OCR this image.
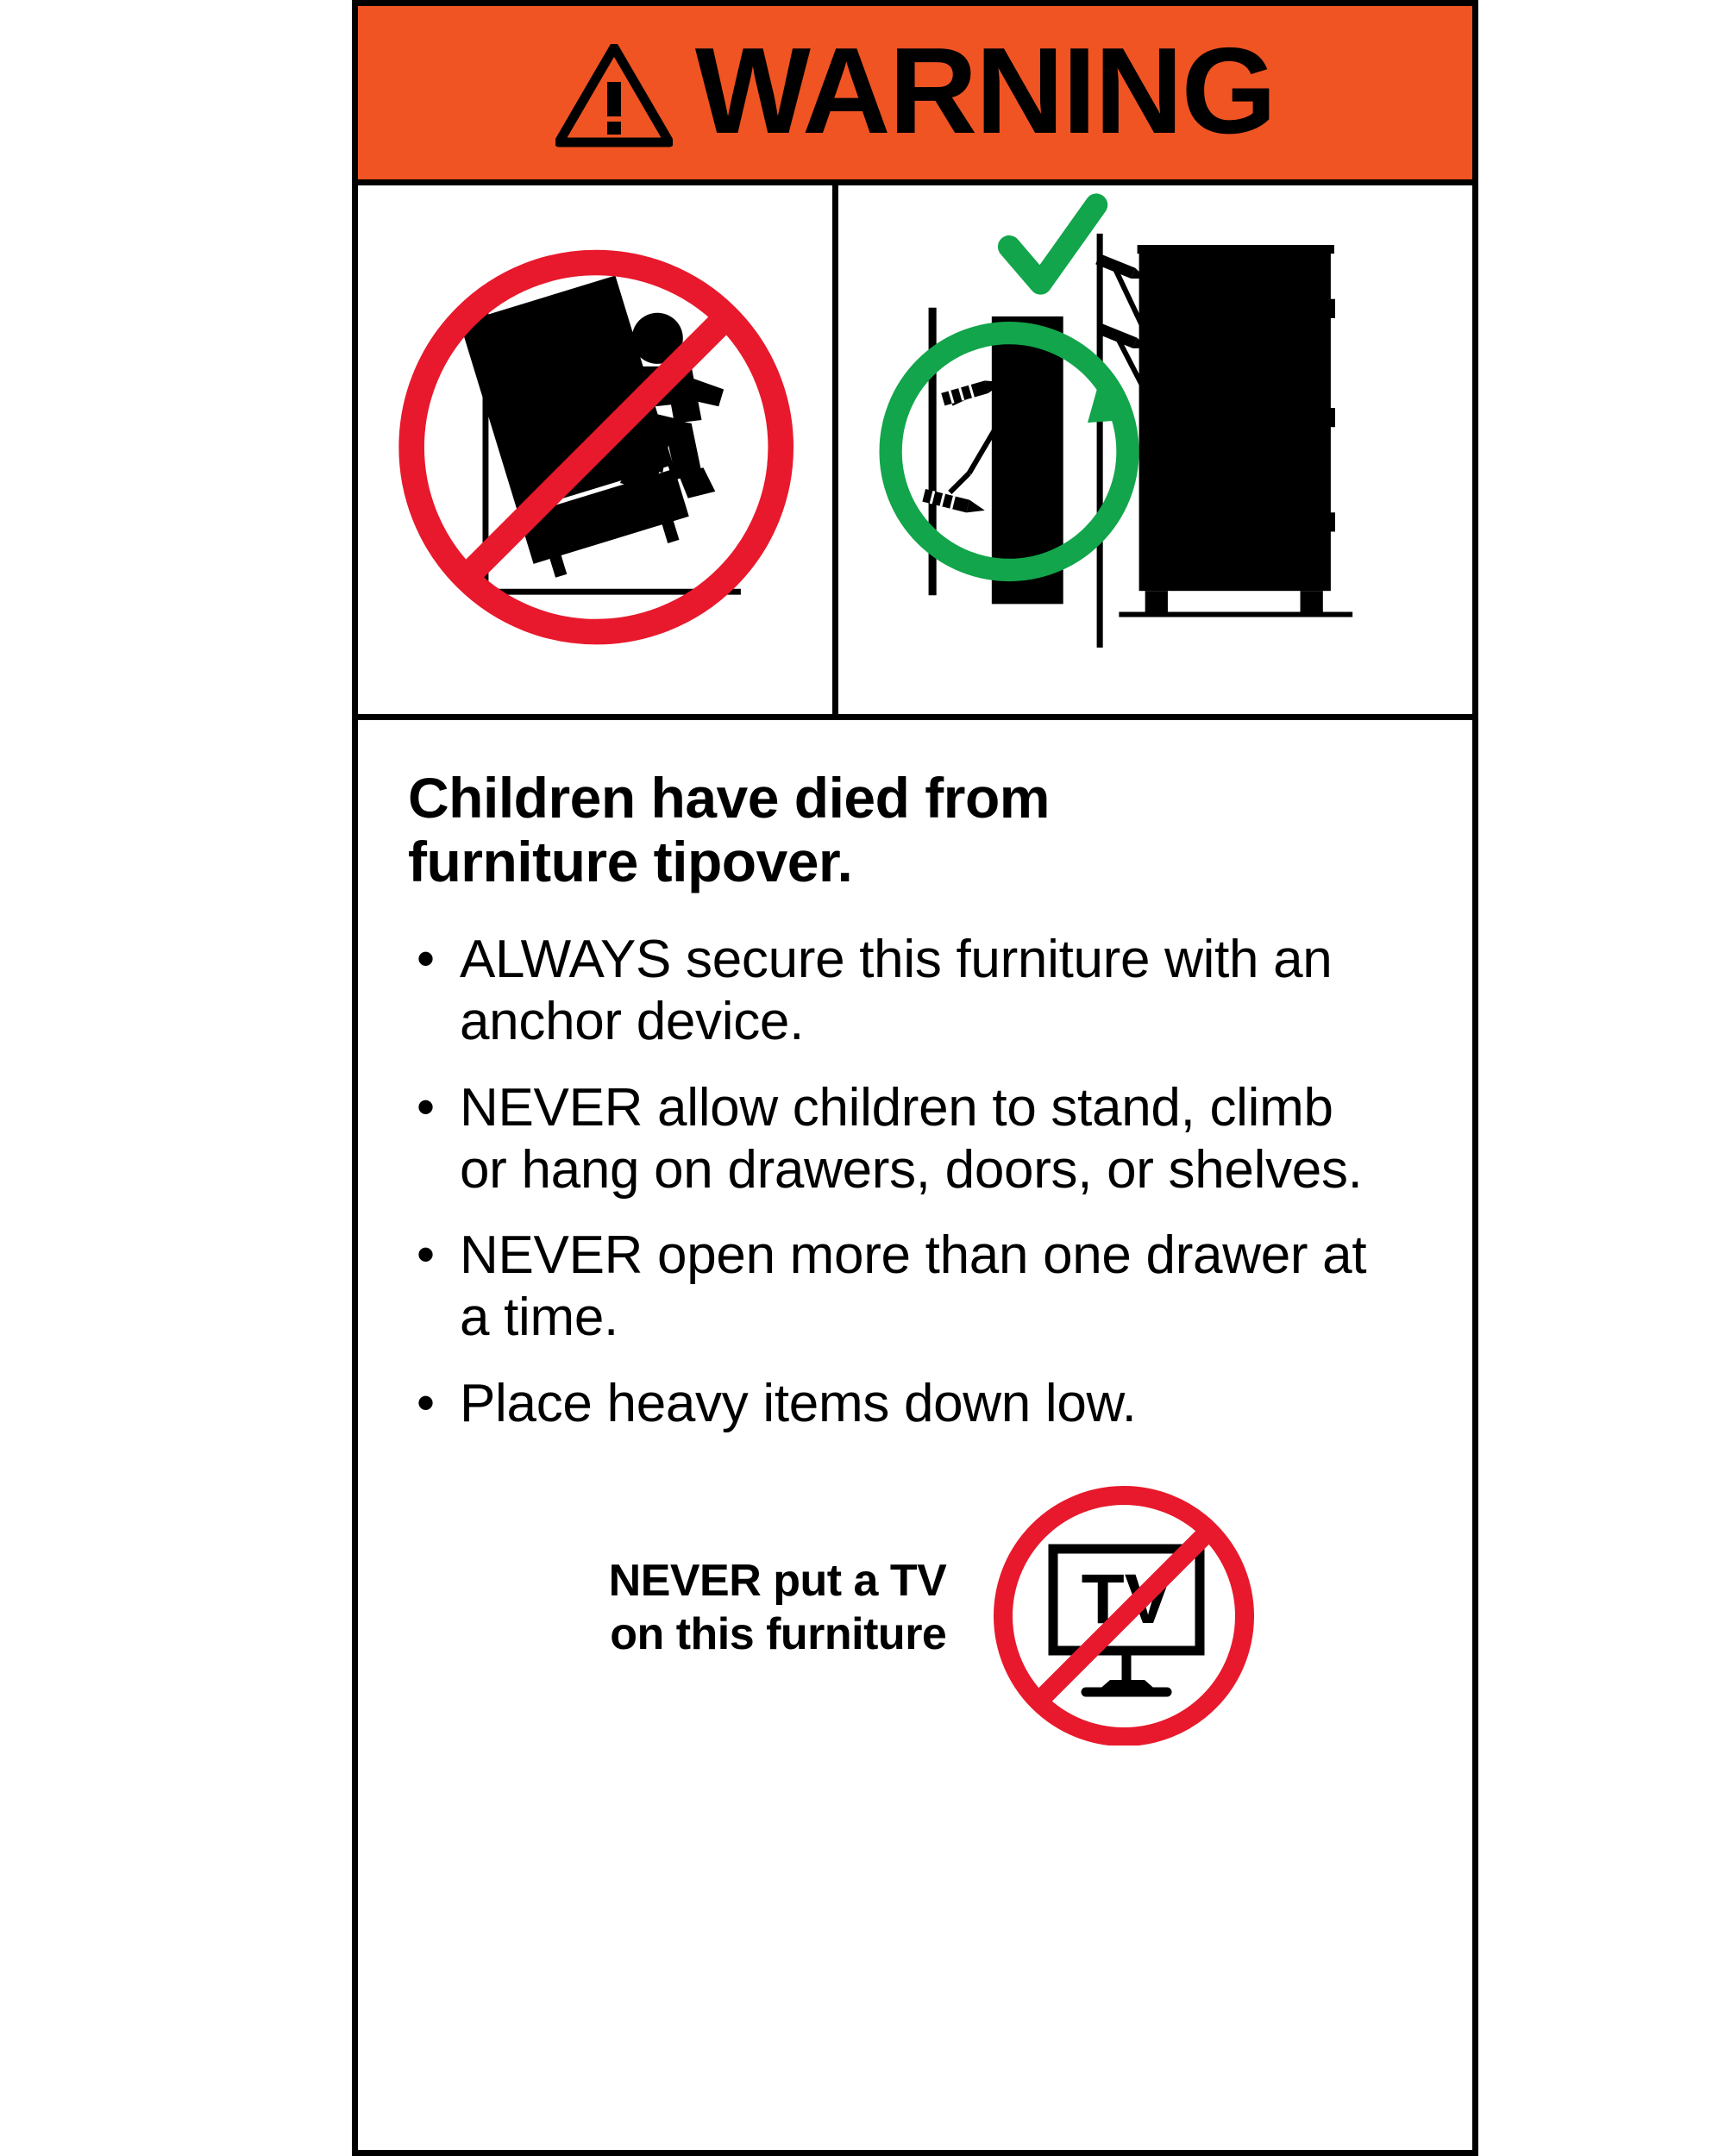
WARNING
Children have died from furniture tipover.
• ALWAYS secure this furniture with an anchor device.
• NEVER allow children to stand, climb or hang on drawers, doors, or shelves.
• NEVER open more than one drawer at a time.
• Place heavy items down low.
NEVER put a TV
on this furniture TV
